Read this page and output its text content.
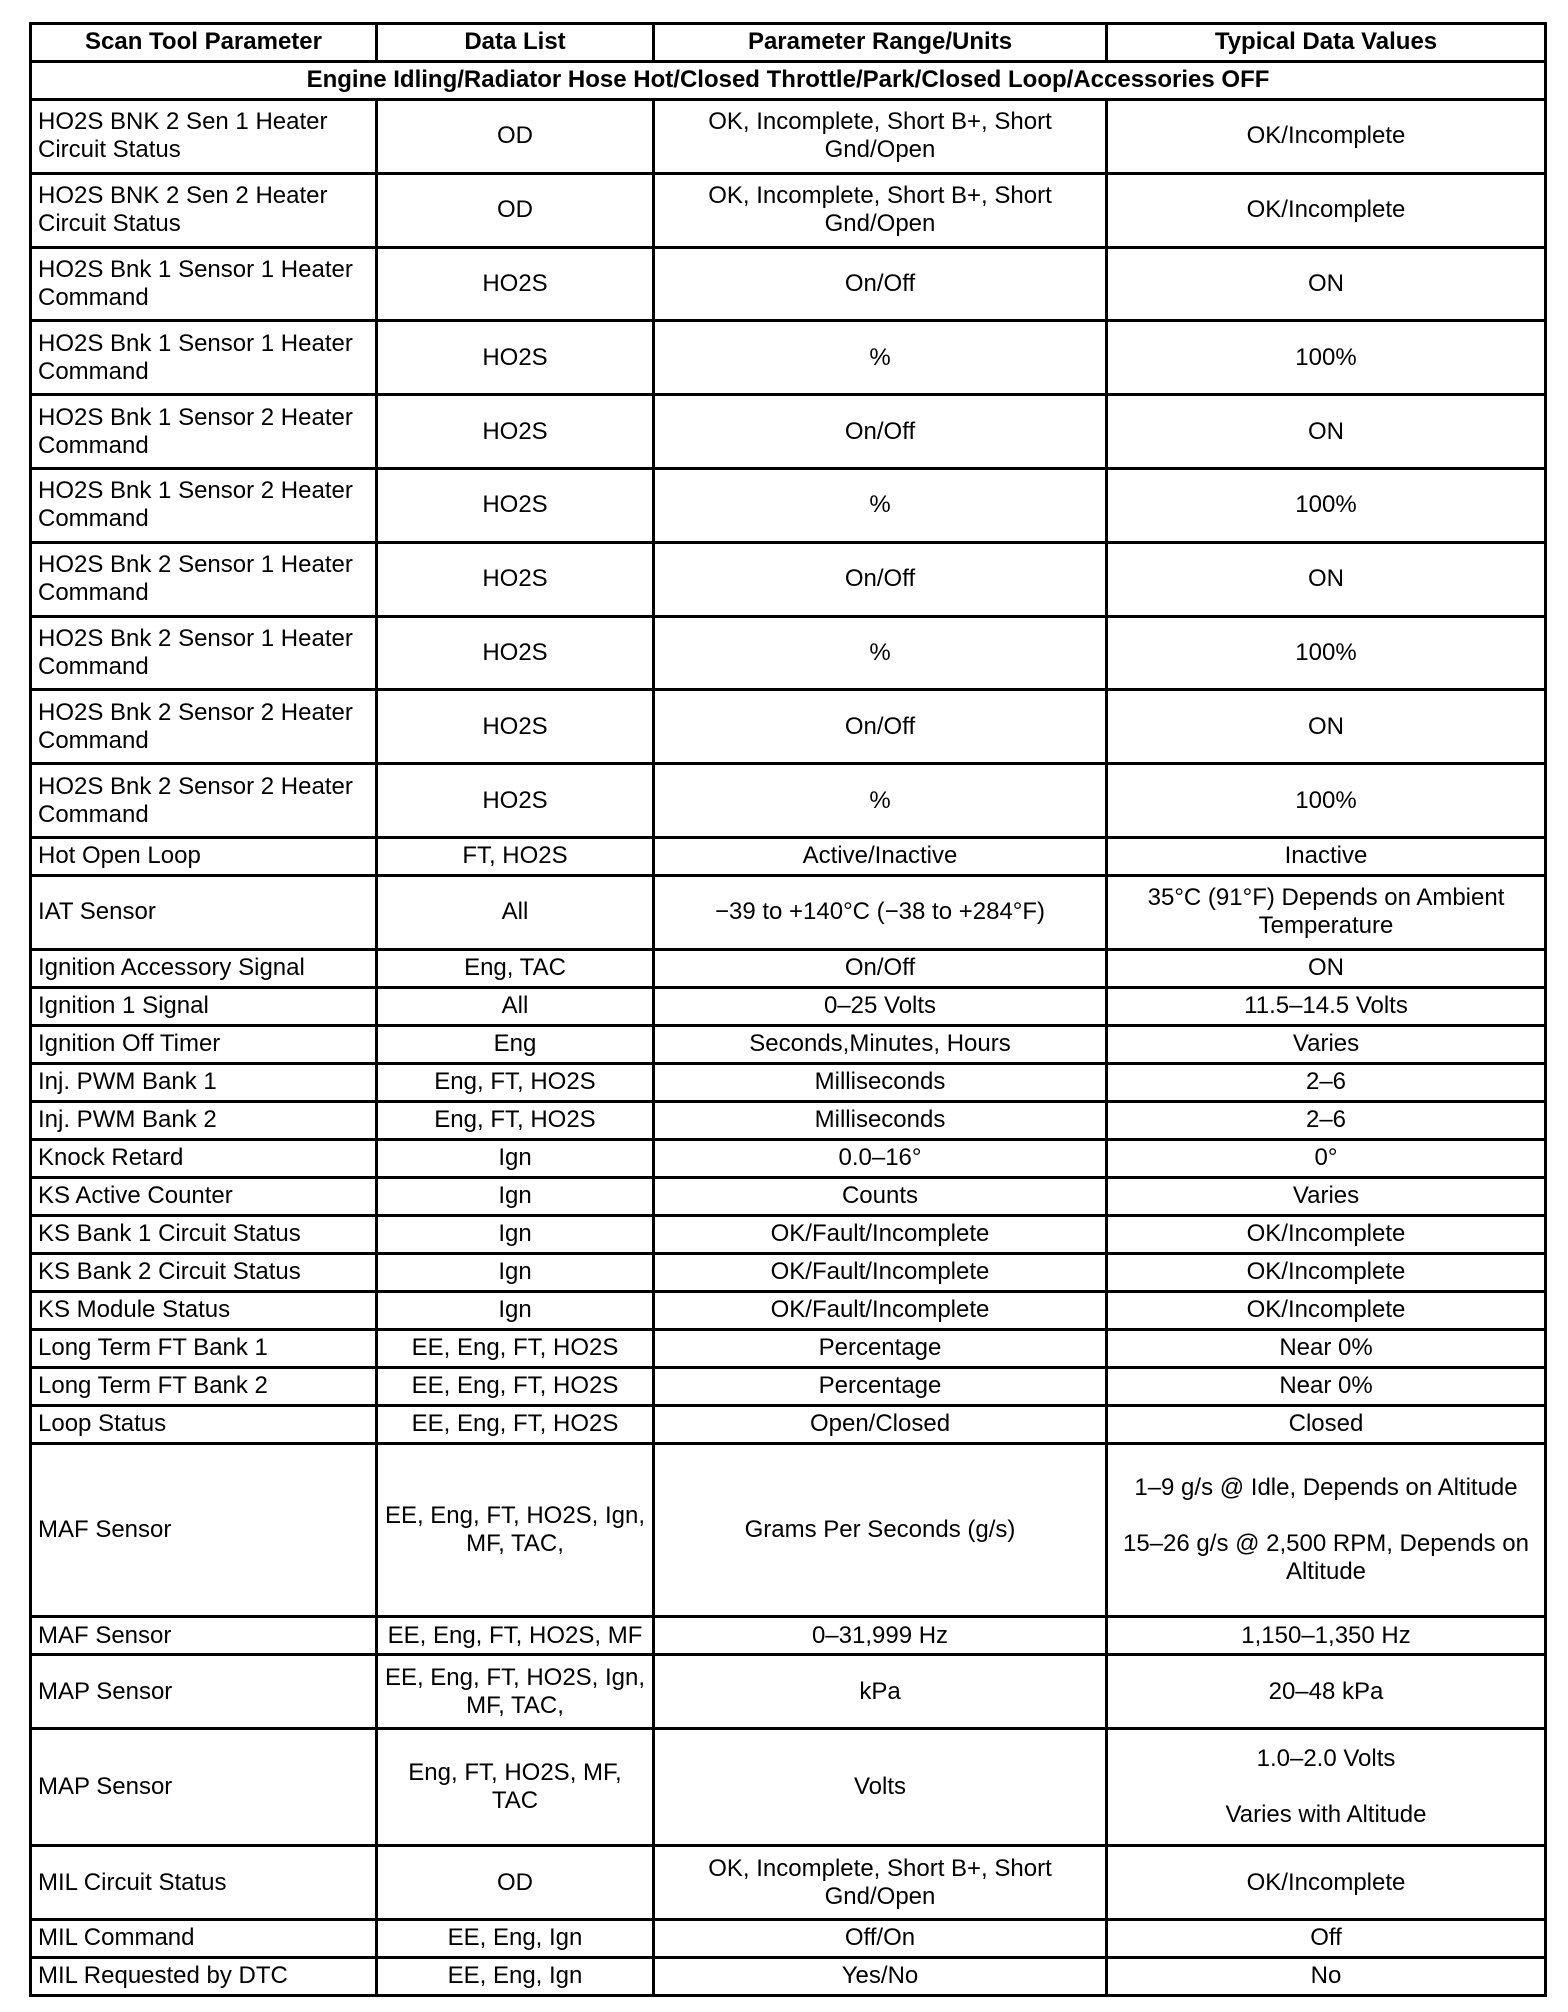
Scan Tool Parameter	Data List	Parameter Range/Units	Typical Data Values
Engine Idling/Radiator Hose Hot/Closed Throttle/Park/Closed Loop/Accessories OFF			
HO2S BNK 2 Sen 1 Heater Circuit Status	OD	OK, Incomplete, Short B+, Short Gnd/Open	OK/Incomplete
HO2S BNK 2 Sen 2 Heater Circuit Status	OD	OK, Incomplete, Short B+, Short Gnd/Open	OK/Incomplete
HO2S Bnk 1 Sensor 1 Heater Command	HO2S	On/Off	ON
HO2S Bnk 1 Sensor 1 Heater Command	HO2S	%	100%
HO2S Bnk 1 Sensor 2 Heater Command	HO2S	On/Off	ON
HO2S Bnk 1 Sensor 2 Heater Command	HO2S	%	100%
HO2S Bnk 2 Sensor 1 Heater Command	HO2S	On/Off	ON
HO2S Bnk 2 Sensor 1 Heater Command	HO2S	%	100%
HO2S Bnk 2 Sensor 2 Heater Command	HO2S	On/Off	ON
HO2S Bnk 2 Sensor 2 Heater Command	HO2S	%	100%
Hot Open Loop	FT, HO2S	Active/Inactive	Inactive
IAT Sensor	All	−39 to +140°C (−38 to +284°F)	35°C (91°F) Depends on Ambient Temperature
Ignition Accessory Signal	Eng, TAC	On/Off	ON
Ignition 1 Signal	All	0–25 Volts	11.5–14.5 Volts
Ignition Off Timer	Eng	Seconds,Minutes, Hours	Varies
Inj. PWM Bank 1	Eng, FT, HO2S	Milliseconds	2–6
Inj. PWM Bank 2	Eng, FT, HO2S	Milliseconds	2–6
Knock Retard	Ign	0.0–16°	0°
KS Active Counter	Ign	Counts	Varies
KS Bank 1 Circuit Status	Ign	OK/Fault/Incomplete	OK/Incomplete
KS Bank 2 Circuit Status	Ign	OK/Fault/Incomplete	OK/Incomplete
KS Module Status	Ign	OK/Fault/Incomplete	OK/Incomplete
Long Term FT Bank 1	EE, Eng, FT, HO2S	Percentage	Near 0%
Long Term FT Bank 2	EE, Eng, FT, HO2S	Percentage	Near 0%
Loop Status	EE, Eng, FT, HO2S	Open/Closed	Closed
MAF Sensor	EE, Eng, FT, HO2S, Ign, MF, TAC,	Grams Per Seconds (g/s)	1–9 g/s @ Idle, Depends on Altitude
15–26 g/s @ 2,500 RPM, Depends on Altitude

MAF Sensor	EE, Eng, FT, HO2S, MF	0–31,999 Hz	1,150–1,350 Hz
MAP Sensor	EE, Eng, FT, HO2S, Ign, MF, TAC,	kPa	20–48 kPa
MAP Sensor	Eng, FT, HO2S, MF, TAC	Volts	1.0–2.0 Volts
Varies with Altitude

MIL Circuit Status	OD	OK, Incomplete, Short B+, Short Gnd/Open	OK/Incomplete
MIL Command	EE, Eng, Ign	Off/On	Off
MIL Requested by DTC	EE, Eng, Ign	Yes/No	No
